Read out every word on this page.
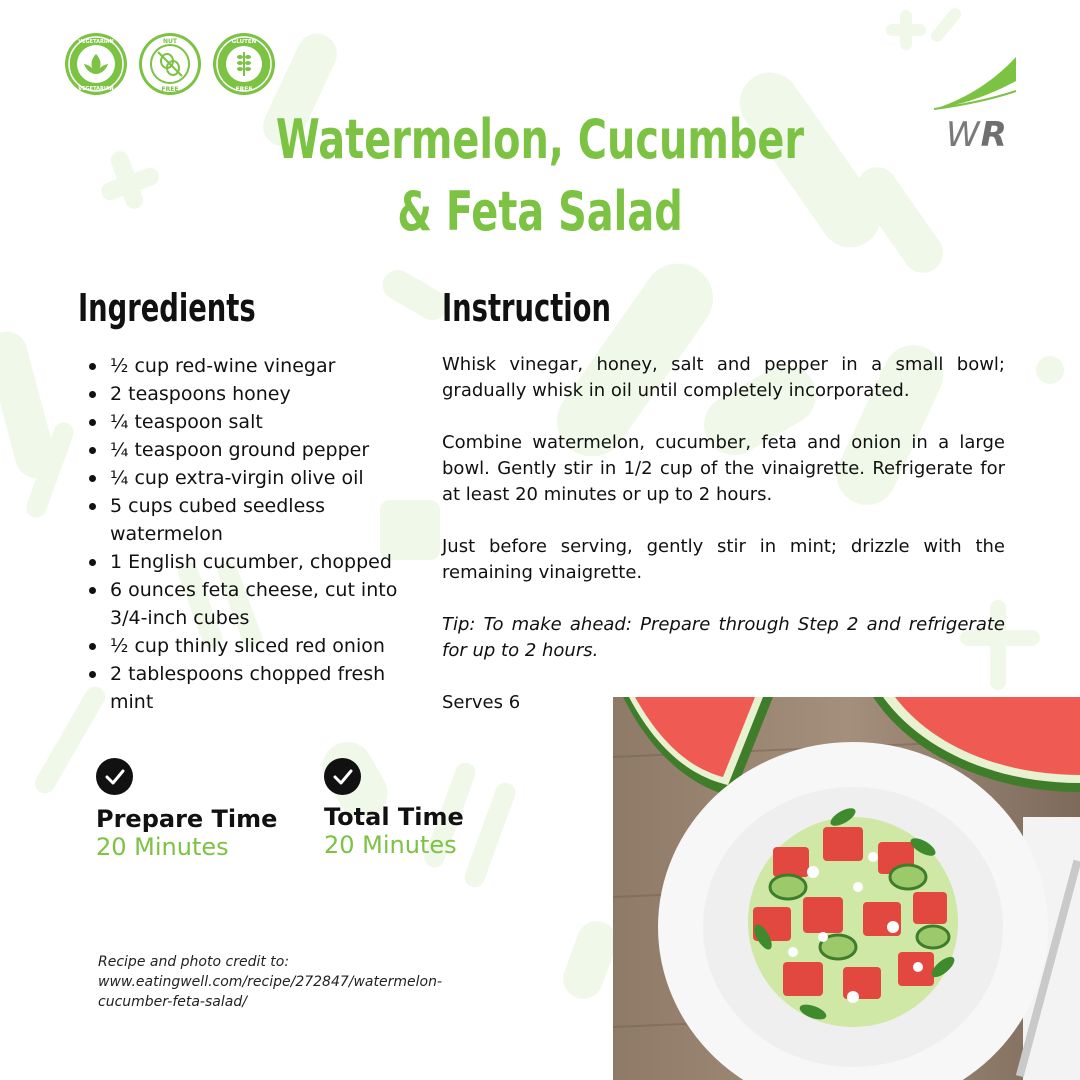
VEGETARIAN
VEGETARIAN
NUT
FREE
GLUTEN
FREE
WR
Watermelon, Cucumber
& Feta Salad
Ingredients
½ cup red-wine vinegar
2 teaspoons honey
¼ teaspoon salt
¼ teaspoon ground pepper
¼ cup extra-virgin olive oil
5 cups cubed seedless watermelon
1 English cucumber, chopped
6 ounces feta cheese, cut into 3/4-inch cubes
½ cup thinly sliced red onion
2 tablespoons chopped fresh mint
Instruction

Whisk vinegar, honey, salt and pepper in a small bowl; gradually whisk in oil until completely incorporated.

Combine watermelon, cucumber, feta and onion in a large bowl. Gently stir in 1/2 cup of the vinaigrette. Refrigerate for at least 20 minutes or up to 2 hours.

Just before serving, gently stir in mint; drizzle with the remaining vinaigrette.

Tip: To make ahead: Prepare through Step 2 and refrigerate for up to 2 hours.

Serves 6

Prepare Time
20 Minutes
Total Time
20 Minutes
Recipe and photo credit to:
www.eatingwell.com/recipe/272847/watermelon-cucumber-feta-salad/
